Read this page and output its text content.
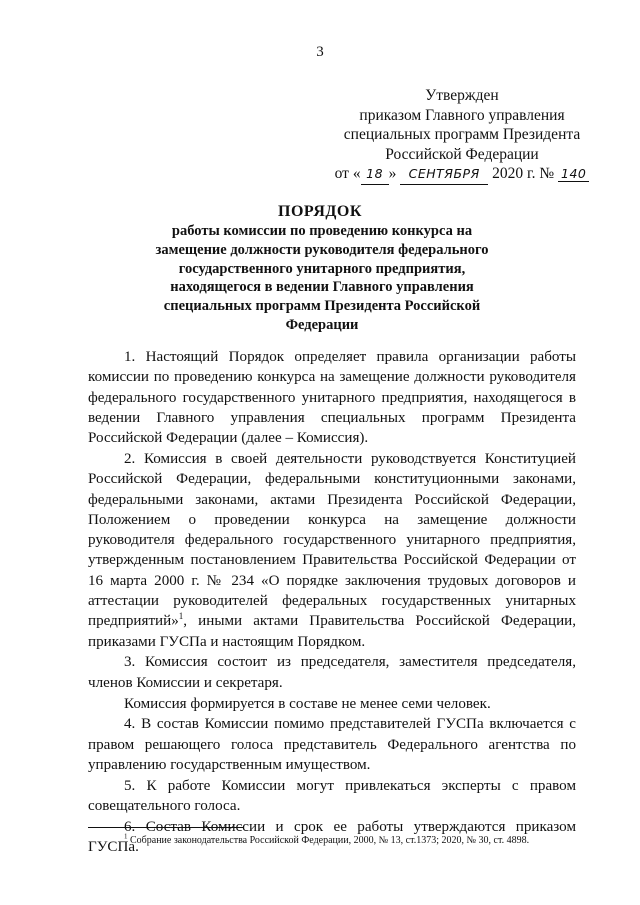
3
Утвержден
приказом Главного управления
специальных программ Президента
Российской Федерации
от « 18 » СЕНТЯБРЯ 2020 г. № 140
ПОРЯДОК
работы комиссии по проведению конкурса на замещение должности руководителя федерального государственного унитарного предприятия, находящегося в ведении Главного управления специальных программ Президента Российской Федерации

1. Настоящий Порядок определяет правила организации работы комиссии по проведению конкурса на замещение должности руководителя федерального государственного унитарного предприятия, находящегося в ведении Главного управления специальных программ Президента Российской Федерации (далее – Комиссия).

2. Комиссия в своей деятельности руководствуется Конституцией Российской Федерации, федеральными конституционными законами, федеральными законами, актами Президента Российской Федерации, Положением о проведении конкурса на замещение должности руководителя федерального государственного унитарного предприятия, утвержденным постановлением Правительства Российской Федерации от 16 марта 2000 г. № 234 «О порядке заключения трудовых договоров и аттестации руководителей федеральных государственных унитарных предприятий»$^1$, иными актами Правительства Российской Федерации, приказами ГУСПа и настоящим Порядком.

3. Комиссия состоит из председателя, заместителя председателя, членов Комиссии и секретаря.

Комиссия формируется в составе не менее семи человек.

4. В состав Комиссии помимо представителей ГУСПа включается с правом решающего голоса представитель Федерального агентства по управлению государственным имуществом.

5. К работе Комиссии могут привлекаться эксперты с правом совещательного голоса.

6. Состав Комиссии и срок ее работы утверждаются приказом ГУСПа.

$^1$ Собрание законодательства Российской Федерации, 2000, № 13, ст.1373; 2020, № 30, ст. 4898.
